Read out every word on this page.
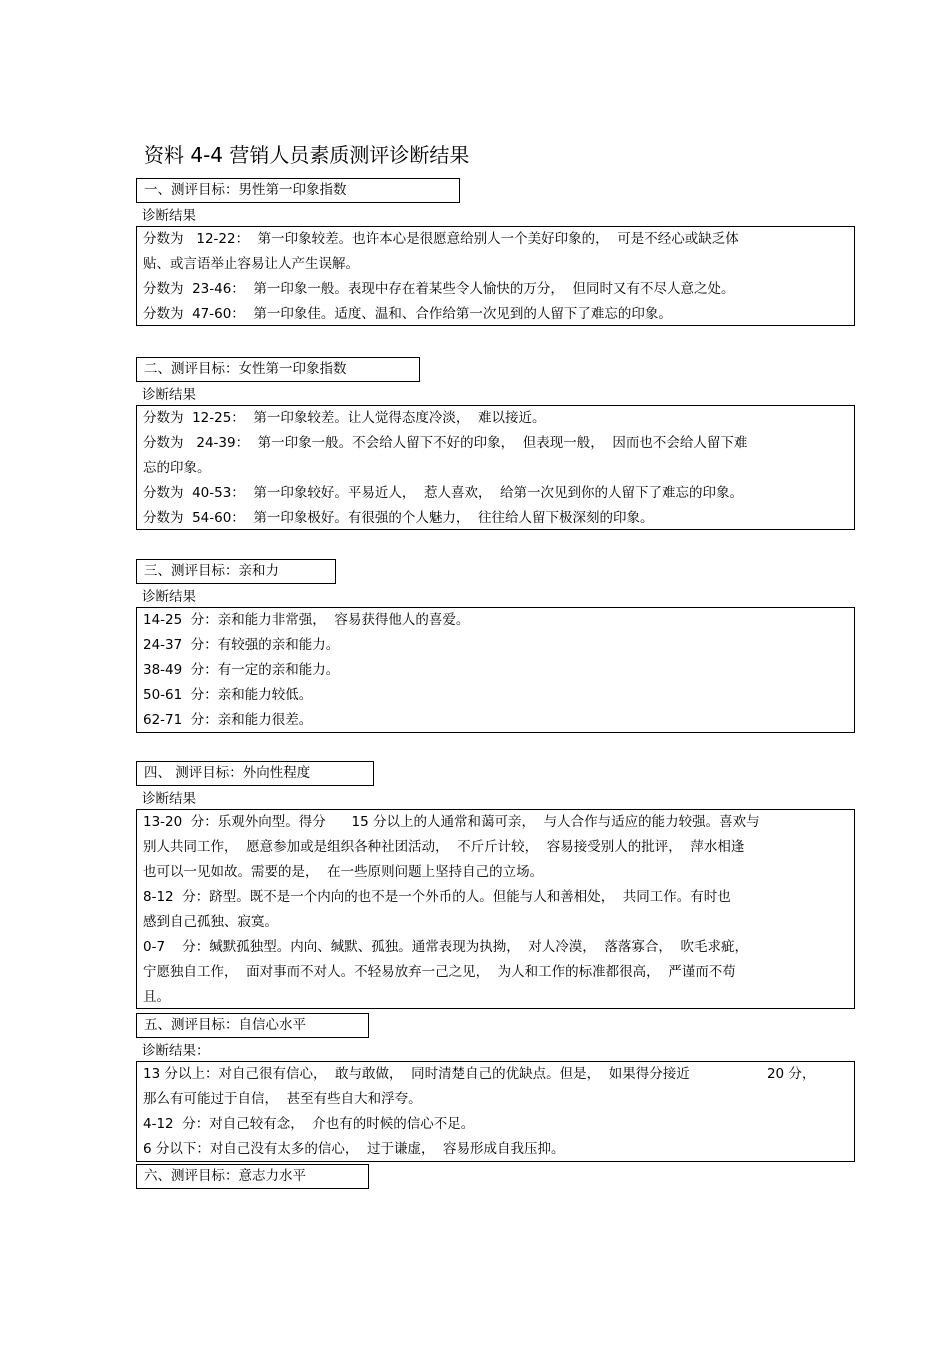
资料 4-4 营销人员素质测评诊断结果
一、测评目标：男性第一印象指数
诊断结果
分数为   12-22：  第一印象较差。也许本心是很愿意给别人一个美好印象的，  可是不经心或缺乏体
贴、或言语举止容易让人产生误解。
分数为  23-46：  第一印象一般。表现中存在着某些令人愉快的万分，  但同时又有不尽人意之处。
分数为  47-60：  第一印象佳。适度、温和、合作给第一次见到的人留下了难忘的印象。
二、测评目标：女性第一印象指数
诊断结果
分数为  12-25：  第一印象较差。让人觉得态度冷淡，  难以接近。
分数为   24-39：  第一印象一般。不会给人留下不好的印象，  但表现一般，  因而也不会给人留下难
忘的印象。
分数为  40-53：  第一印象较好。平易近人，  惹人喜欢，  给第一次见到你的人留下了难忘的印象。
分数为  54-60：  第一印象极好。有很强的个人魅力，  往往给人留下极深刻的印象。
三、测评目标：亲和力
诊断结果
14-25  分：亲和能力非常强，  容易获得他人的喜爱。
24-37  分：有较强的亲和能力。
38-49  分：有一定的亲和能力。
50-61  分：亲和能力较低。
62-71  分：亲和能力很差。
四、 测评目标：外向性程度
诊断结果
13-20  分：乐观外向型。得分      15 分以上的人通常和蔼可亲，  与人合作与适应的能力较强。喜欢与
别人共同工作，  愿意参加或是组织各种社团活动，  不斤斤计较，  容易接受别人的批评，  萍水相逢
也可以一见如故。需要的是，  在一些原则问题上坚持自己的立场。
8-12  分：跻型。既不是一个内向的也不是一个外币的人。但能与人和善相处，  共同工作。有时也
感到自己孤独、寂寞。
0-7    分：缄默孤独型。内向、缄默、孤独。通常表现为执拗，  对人冷漠，  落落寡合，  吹毛求疵，
宁愿独自工作，  面对事而不对人。不轻易放弃一己之见，  为人和工作的标准都很高，  严谨而不苟
且。
五、测评目标：自信心水平
诊断结果：
13 分以上：对自己很有信心，  敢与敢做，  同时清楚自己的优缺点。但是，  如果得分接近                  20 分，
那么有可能过于自信，  甚至有些自大和浮夸。
4-12  分：对自己较有念，  介也有的时候的信心不足。
6 分以下：对自己没有太多的信心，  过于谦虚，  容易形成自我压抑。
六、测评目标：意志力水平
